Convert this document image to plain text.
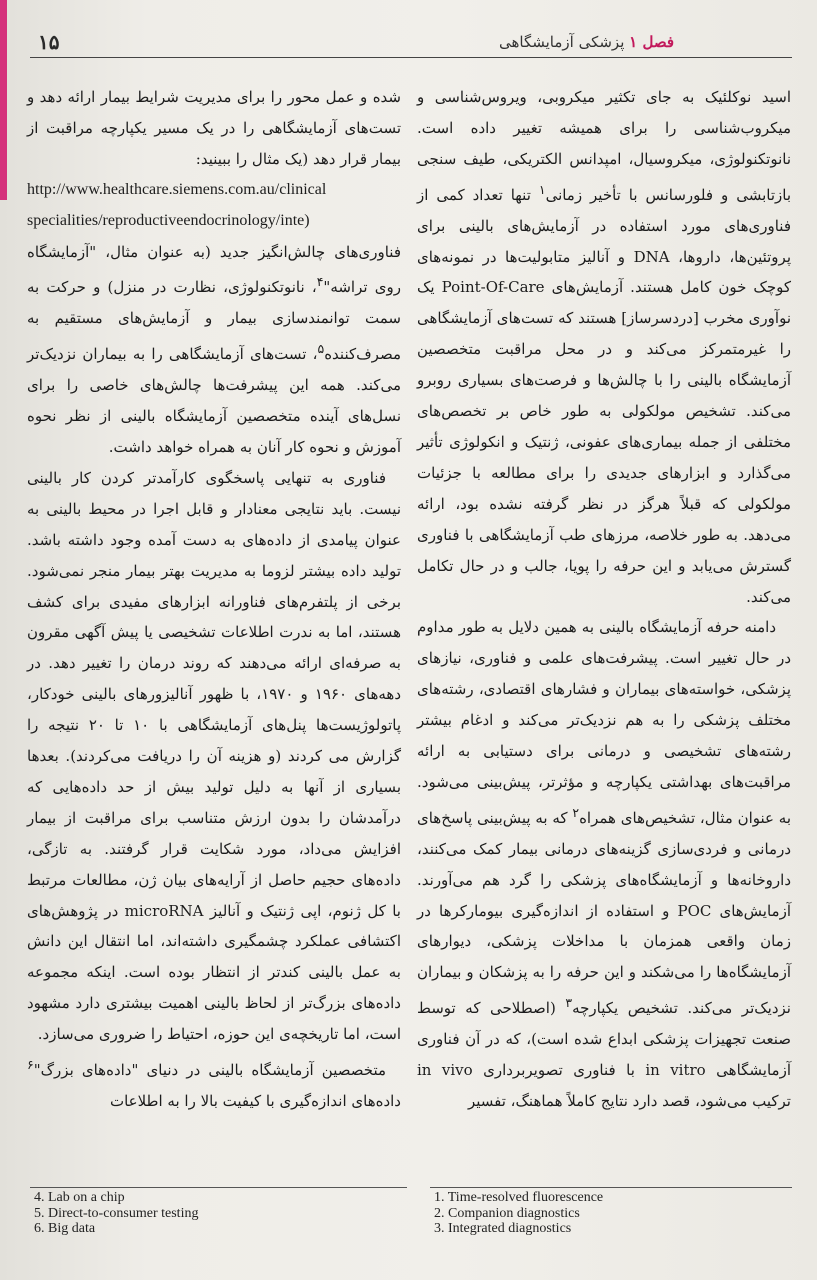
۱۵	فصل ۱ پزشکی آزمایشگاهی

اسید نوکلئیک به جای تکثیر میکروبی، ویروس‌شناسی و میکروب‌شناسی را برای همیشه تغییر داده است. نانوتکنولوژی، میکروسیال، امپدانس الکتریکی، طیف سنجی بازتابشی و فلورسانس با تأخیر زمانی$^۱$ تنها تعداد کمی از فناوری‌های مورد استفاده در آزمایش‌های بالینی برای پروتئین‌ها، داروها، DNA و آنالیز متابولیت‌ها در نمونه‌های کوچک خون کامل هستند. آزمایش‌های Point-Of-Care یک نوآوری مخرب [دردسرساز] هستند که تست‌های آزمایشگاهی را غیرمتمرکز می‌کند و در محل مراقبت متخصصین آزمایشگاه بالینی را با چالش‌ها و فرصت‌های بسیاری روبرو می‌کند. تشخیص مولکولی به طور خاص بر تخصص‌های مختلفی از جمله بیماری‌های عفونی، ژنتیک و انکولوژی تأثیر می‌گذارد و ابزارهای جدیدی را برای مطالعه با جزئیات مولکولی که قبلاً هرگز در نظر گرفته نشده بود، ارائه می‌دهد. به طور خلاصه، مرزهای طب آزمایشگاهی با فناوری گسترش می‌یابد و این حرفه را پویا، جالب و در حال تکامل می‌کند.

دامنه حرفه آزمایشگاه بالینی به همین دلایل به طور مداوم در حال تغییر است. پیشرفت‌های علمی و فناوری، نیازهای پزشکی، خواسته‌های بیماران و فشارهای اقتصادی، رشته‌های مختلف پزشکی را به هم نزدیک‌تر می‌کند و ادغام بیشتر رشته‌های تشخیصی و درمانی برای دستیابی به ارائه مراقبت‌های بهداشتی یکپارچه و مؤثرتر، پیش‌بینی می‌شود. به عنوان مثال، تشخیص‌های همراه$^۲$ که به پیش‌بینی پاسخ‌های درمانی و فردی‌سازی گزینه‌های درمانی بیمار کمک می‌کنند، داروخانه‌ها و آزمایشگاه‌های پزشکی را گرد هم می‌آورند. آزمایش‌های POC و استفاده از اندازه‌گیری بیومارکرها در زمان واقعی همزمان با مداخلات پزشکی، دیوارهای آزمایشگاه‌ها را می‌شکند و این حرفه را به پزشکان و بیماران نزدیک‌تر می‌کند. تشخیص یکپارچه$^۳$ (اصطلاحی که توسط صنعت تجهیزات پزشکی ابداع شده است)، که در آن فناوری آزمایشگاهی in vitro با فناوری تصویربرداری in vivo ترکیب می‌شود، قصد دارد نتایج کاملاً هماهنگ، تفسیر

شده و عمل محور را برای مدیریت شرایط بیمار ارائه دهد و تست‌های آزمایشگاهی را در یک مسیر یکپارچه مراقبت از بیمار قرار دهد (یک مثال را ببینید:

http://www.healthcare.siemens.com.au/clinical

specialities/reproductiveendocrinology/inte)

فناوری‌های چالش‌انگیز جدید (به عنوان مثال، "آزمایشگاه روی تراشه"$^۴$، نانوتکنولوژی، نظارت در منزل) و حرکت به سمت توانمندسازی بیمار و آزمایش‌های مستقیم به مصرف‌کننده$^۵$، تست‌های آزمایشگاهی را به بیماران نزدیک‌تر می‌کند. همه این پیشرفت‌ها چالش‌های خاصی را برای نسل‌های آینده متخصصین آزمایشگاه بالینی از نظر نحوه آموزش و نحوه کار آنان به همراه خواهد داشت.

فناوری به تنهایی پاسخگوی کارآمدتر کردن کار بالینی نیست. باید نتایجی معنادار و قابل اجرا در محیط بالینی به عنوان پیامدی از داده‌های به دست آمده وجود داشته باشد. تولید داده بیشتر لزوما به مدیریت بهتر بیمار منجر نمی‌شود. برخی از پلتفرم‌های فناورانه ابزارهای مفیدی برای کشف هستند، اما به ندرت اطلاعات تشخیصی یا پیش آگهی مقرون به صرفه‌ای ارائه می‌دهند که روند درمان را تغییر دهد. در دهه‌های ۱۹۶۰ و ۱۹۷۰، با ظهور آنالیزورهای بالینی خودکار، پاتولوژیست‌ها پنل‌های آزمایشگاهی با ۱۰ تا ۲۰ نتیجه را گزارش می کردند (و هزینه آن را دریافت می‌کردند). بعدها بسیاری از آنها به دلیل تولید بیش از حد داده‌هایی که درآمدشان را بدون ارزش متناسب برای مراقبت از بیمار افزایش می‌داد، مورد شکایت قرار گرفتند. به تازگی، داده‌های حجیم حاصل از آرایه‌های بیان ژن، مطالعات مرتبط با کل ژنوم، اپی ژنتیک و آنالیز microRNA در پژوهش‌های اکتشافی عملکرد چشمگیری داشته‌اند، اما انتقال این دانش به عمل بالینی کندتر از انتظار بوده است. اینکه مجموعه داده‌های بزرگ‌تر از لحاظ بالینی اهمیت بیشتری دارد مشهود است، اما تاریخچه‌ی این حوزه، احتیاط را ضروری می‌سازد.

متخصصین آزمایشگاه بالینی در دنیای "داده‌های بزرگ"$^۶$ داده‌های اندازه‌گیری با کیفیت بالا را به اطلاعات

1. Time-resolved fluorescence
2. Companion diagnostics
3. Integrated diagnostics
4. Lab on a chip
5. Direct-to-consumer testing
6. Big data
